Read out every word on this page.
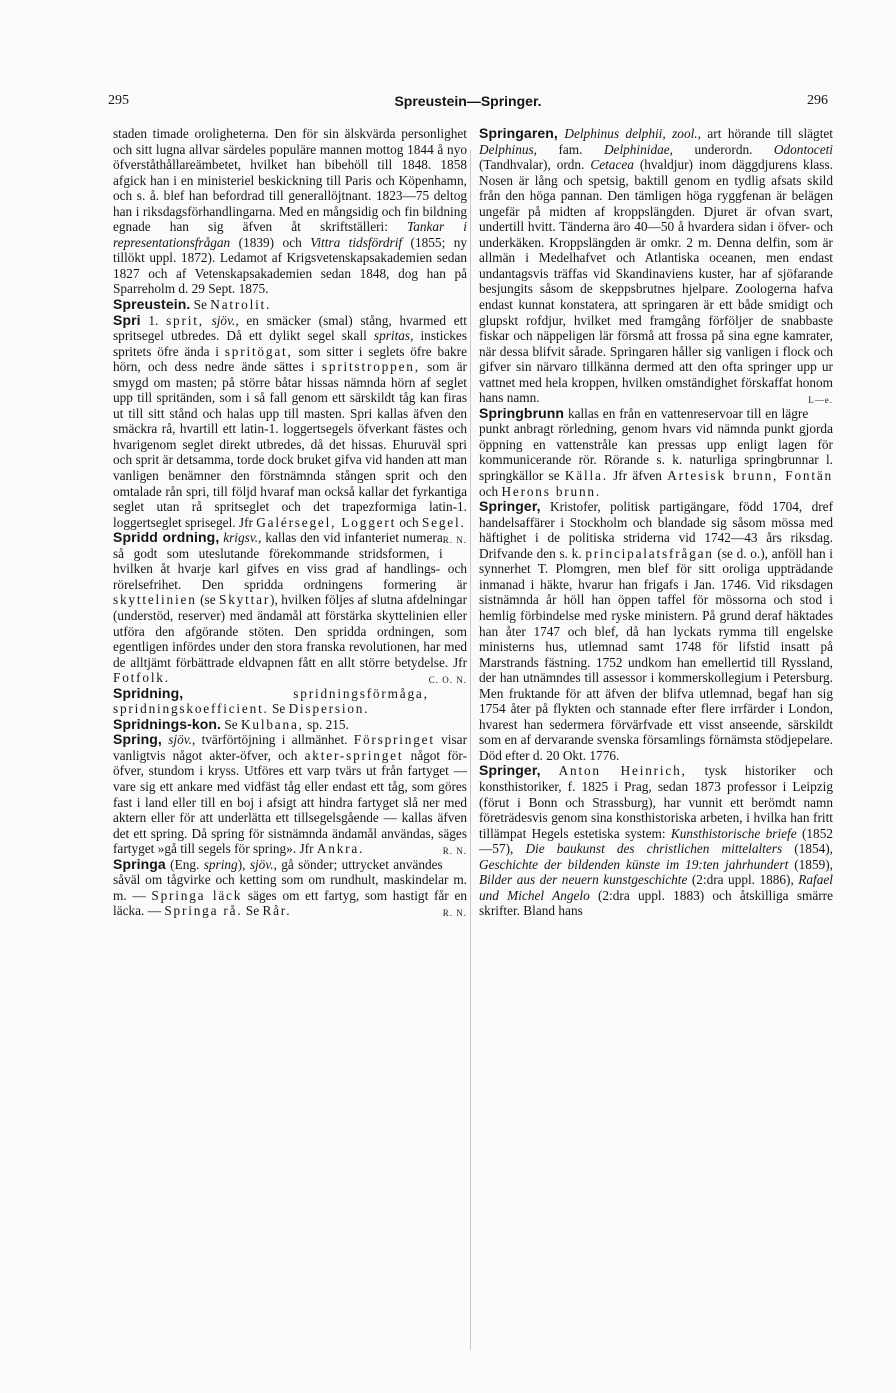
295	Spreustein—Springer.	296

staden timade oroligheterna. Den för sin älskvärda personlighet och sitt lugna allvar särdeles populäre mannen mottog 1844 å nyo öfverståthållareämbetet, hvilket han bibehöll till 1848. 1858 afgick han i en ministeriel beskickning till Paris och Köpenhamn, och s. å. blef han befordrad till generallöjtnant. 1823—75 deltog han i riksdagsförhandlingarna. Med en mångsidig och fin bildning egnade han sig äfven åt skriftställeri: Tankar i representationsfrågan (1839) och Vittra tidsfördrif (1855; ny tillökt uppl. 1872). Ledamot af Krigsvetenskapsakademien sedan 1827 och af Vetenskapsakademien sedan 1848, dog han på Sparreholm d. 29 Sept. 1875.

Spreustein. Se Natrolit.

Spri 1. sprit, sjöv., en smäcker (smal) stång, hvarmed ett spritsegel utbredes. Då ett dylikt segel skall spritas, instickes spritets öfre ända i spritögat, som sitter i seglets öfre bakre hörn, och dess nedre ände sättes i spritstroppen, som är smygd om masten; på större båtar hissas nämnda hörn af seglet upp till spritänden, som i så fall genom ett särskildt tåg kan firas ut till sitt stånd och halas upp till masten. Spri kallas äfven den smäckra rå, hvartill ett latin-1. loggertsegels öfverkant fästes och hvarigenom seglet direkt utbredes, då det hissas. Ehuruväl spri och sprit är detsamma, torde dock bruket gifva vid handen att man vanligen benämner den förstnämnda stången sprit och den omtalade rån spri, till följd hvaraf man också kallar det fyrkantiga seglet utan rå spritseglet och det trapezformiga latin-1. loggertseglet sprisegel. Jfr Galérsegel, Loggert och Segel.
R. N.

Spridd ordning, krigsv., kallas den vid infanteriet numera så godt som uteslutande förekommande stridsformen, i hvilken åt hvarje karl gifves en viss grad af handlings- och rörelsefrihet. Den spridda ordningens formering är skyttelinien (se Skyttar), hvilken följes af slutna afdelningar (understöd, reserver) med ändamål att förstärka skyttelinien eller utföra den afgörande stöten. Den spridda ordningen, som egentligen infördes under den stora franska revolutionen, har med de alltjämt förbättrade eldvapnen fått en allt större betydelse. Jfr Fotfolk.	C. O. N.

Spridning,	spridningsförmåga, spridningskoefficient. Se Dispersion.

Spridnings-kon. Se Kulbana, sp. 215.

Spring, sjöv., tvärförtöjning i allmänhet. Förspringet visar vanligtvis något akter-öfver, och akter-springet något för-öfver, stundom i kryss. Utföres ett varp tvärs ut från fartyget — vare sig ett ankare med vidfäst tåg eller endast ett tåg, som göres fast i land eller till en boj i afsigt att hindra fartyget slå ner med aktern eller för att underlätta ett tillsegelsgående — kallas äfven det ett spring. Då spring för sistnämnda ändamål användas, säges fartyget »gå till segels för spring». Jfr Ankra.	R. N.

Springa (Eng. spring), sjöv., gå sönder; uttrycket användes såväl om tågvirke och ketting som om rundhult, maskindelar m. m. — Springa läck säges om ett fartyg, som hastigt får en läcka. — Springa rå. Se Rår.	R. N.

Springaren, Delphinus delphii, zool., art hörande till slägtet Delphinus, fam. Delphinidae, underordn. Odontoceti (Tandhvalar), ordn. Cetacea (hvaldjur) inom däggdjurens klass. Nosen är lång och spetsig, baktill genom en tydlig afsats skild från den höga pannan. Den tämligen höga ryggfenan är belägen ungefär på midten af kroppslängden. Djuret är ofvan svart, undertill hvitt. Tänderna äro 40—50 å hvardera sidan i öfver- och underkäken. Kroppslängden är omkr. 2 m. Denna delfin, som är allmän i Medelhafvet och Atlantiska oceanen, men endast undantagsvis träffas vid Skandinaviens kuster, har af sjöfarande besjungits såsom de skeppsbrutnes hjelpare. Zoologerna hafva endast kunnat konstatera, att springaren är ett både smidigt och glupskt rofdjur, hvilket med framgång förföljer de snabbaste fiskar och näppeligen lär försmå att frossa på sina egne kamrater, när dessa blifvit sårade. Springaren håller sig vanligen i flock och gifver sin närvaro tillkänna dermed att den ofta springer upp ur vattnet med hela kroppen, hvilken omständighet förskaffat honom hans namn.	L—e.

Springbrunn kallas en från en vattenreservoar till en lägre punkt anbragt rörledning, genom hvars vid nämnda punkt gjorda öppning en vattenstråle kan pressas upp enligt lagen för kommunicerande rör. Rörande s. k. naturliga springbrunnar l. springkällor se Källa. Jfr äfven Artesisk brunn, Fontän och Herons brunn.

Springer, Kristofer, politisk partigängare, född 1704, dref handelsaffärer i Stockholm och blandade sig såsom mössa med häftighet i de politiska striderna vid 1742—43 års riksdag. Drifvande den s. k. principalatsfrågan (se d. o.), anföll han i synnerhet T. Plomgren, men blef för sitt oroliga uppträdande inmanad i häkte, hvarur han frigafs i Jan. 1746. Vid riksdagen sistnämnda år höll han öppen taffel för mössorna och stod i hemlig förbindelse med ryske ministern. På grund deraf häktades han åter 1747 och blef, då han lyckats rymma till engelske ministerns hus, utlemnad samt 1748 för lifstid insatt på Marstrands fästning. 1752 undkom han emellertid till Ryssland, der han utnämndes till assessor i kommerskollegium i Petersburg. Men fruktande för att äfven der blifva utlemnad, begaf han sig 1754 åter på flykten och stannade efter flere irrfärder i London, hvarest han sedermera förvärfvade ett visst anseende, särskildt som en af dervarande svenska församlings förnämsta stödjepelare. Död efter d. 20 Okt. 1776.

Springer, Anton Heinrich, tysk historiker och konsthistoriker, f. 1825 i Prag, sedan 1873 professor i Leipzig (förut i Bonn och Strassburg), har vunnit ett berömdt namn företrädesvis genom sina konsthistoriska arbeten, i hvilka han fritt tillämpat Hegels estetiska system: Kunsthistorische briefe (1852—57), Die baukunst des christlichen mittelalters (1854), Geschichte der bildenden künste im 19:ten jahrhundert (1859), Bilder aus der neuern kunstgeschichte (2:dra uppl. 1886), Rafael und Michel Angelo (2:dra uppl. 1883) och åtskilliga smärre skrifter. Bland hans
